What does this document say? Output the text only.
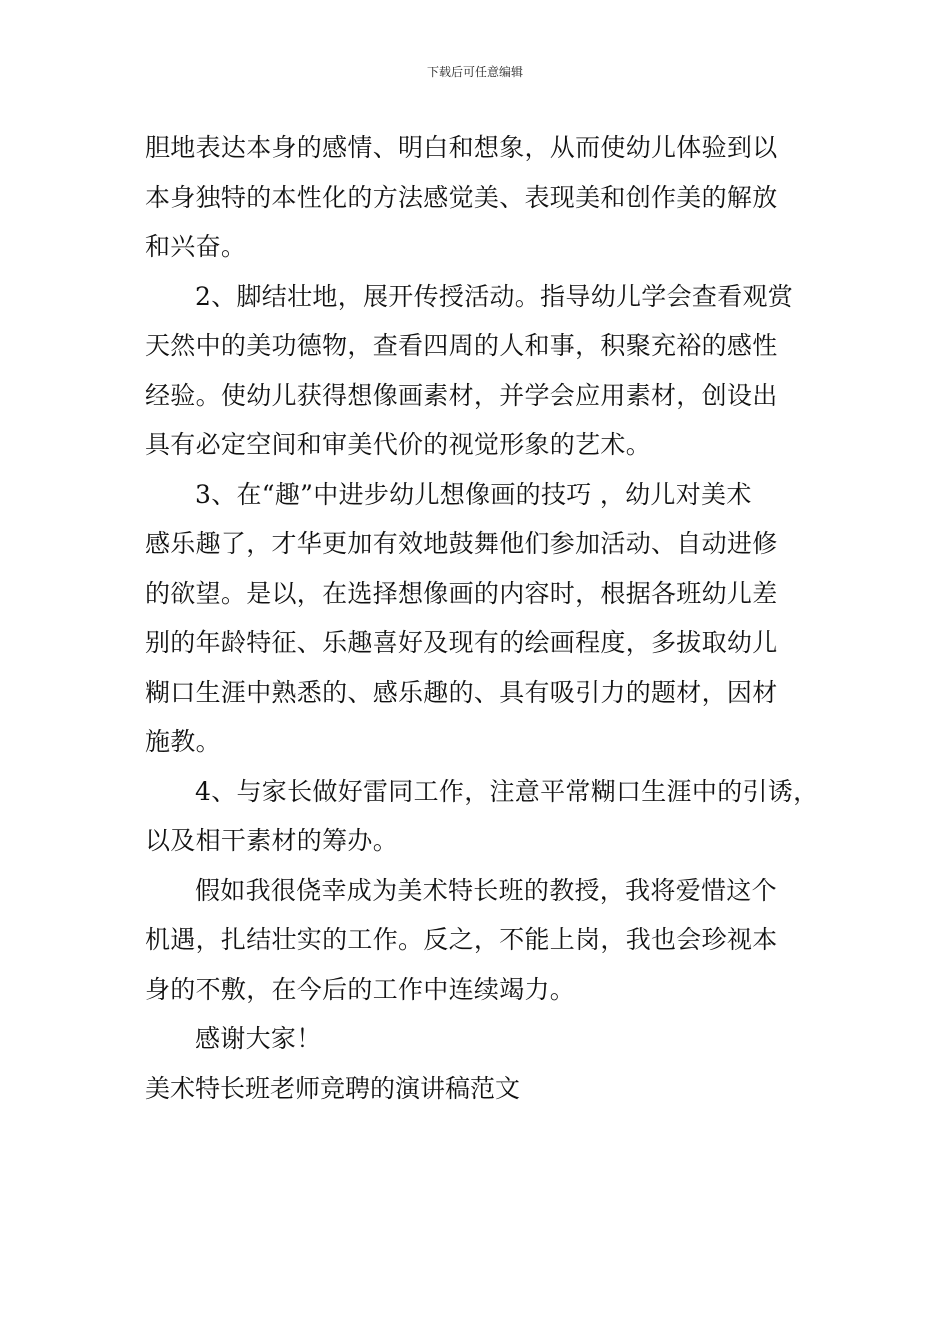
下载后可任意编辑
胆地表达本身的感情、明白和想象，从而使幼儿体验到以
本身独特的本性化的方法感觉美、表现美和创作美的解放
和兴奋。
2、脚结壮地，展开传授活动。指导幼儿学会查看观赏
天然中的美功德物，查看四周的人和事，积聚充裕的感性
经验。使幼儿获得想像画素材，并学会应用素材，创设出
具有必定空间和审美代价的视觉形象的艺术。
3、在“趣”中进步幼儿想像画的技巧 ，幼儿对美术
感乐趣了，才华更加有效地鼓舞他们参加活动、自动进修
的欲望。是以，在选择想像画的内容时，根据各班幼儿差
别的年龄特征、乐趣喜好及现有的绘画程度，多拔取幼儿
糊口生涯中熟悉的、感乐趣的、具有吸引力的题材，因材
施教。
4、与家长做好雷同工作，注意平常糊口生涯中的引诱，
以及相干素材的筹办。
假如我很侥幸成为美术特长班的教授，我将爱惜这个
机遇，扎结壮实的工作。反之，不能上岗，我也会珍视本
身的不敷，在今后的工作中连续竭力。
感谢大家！
美术特长班老师竞聘的演讲稿范文
